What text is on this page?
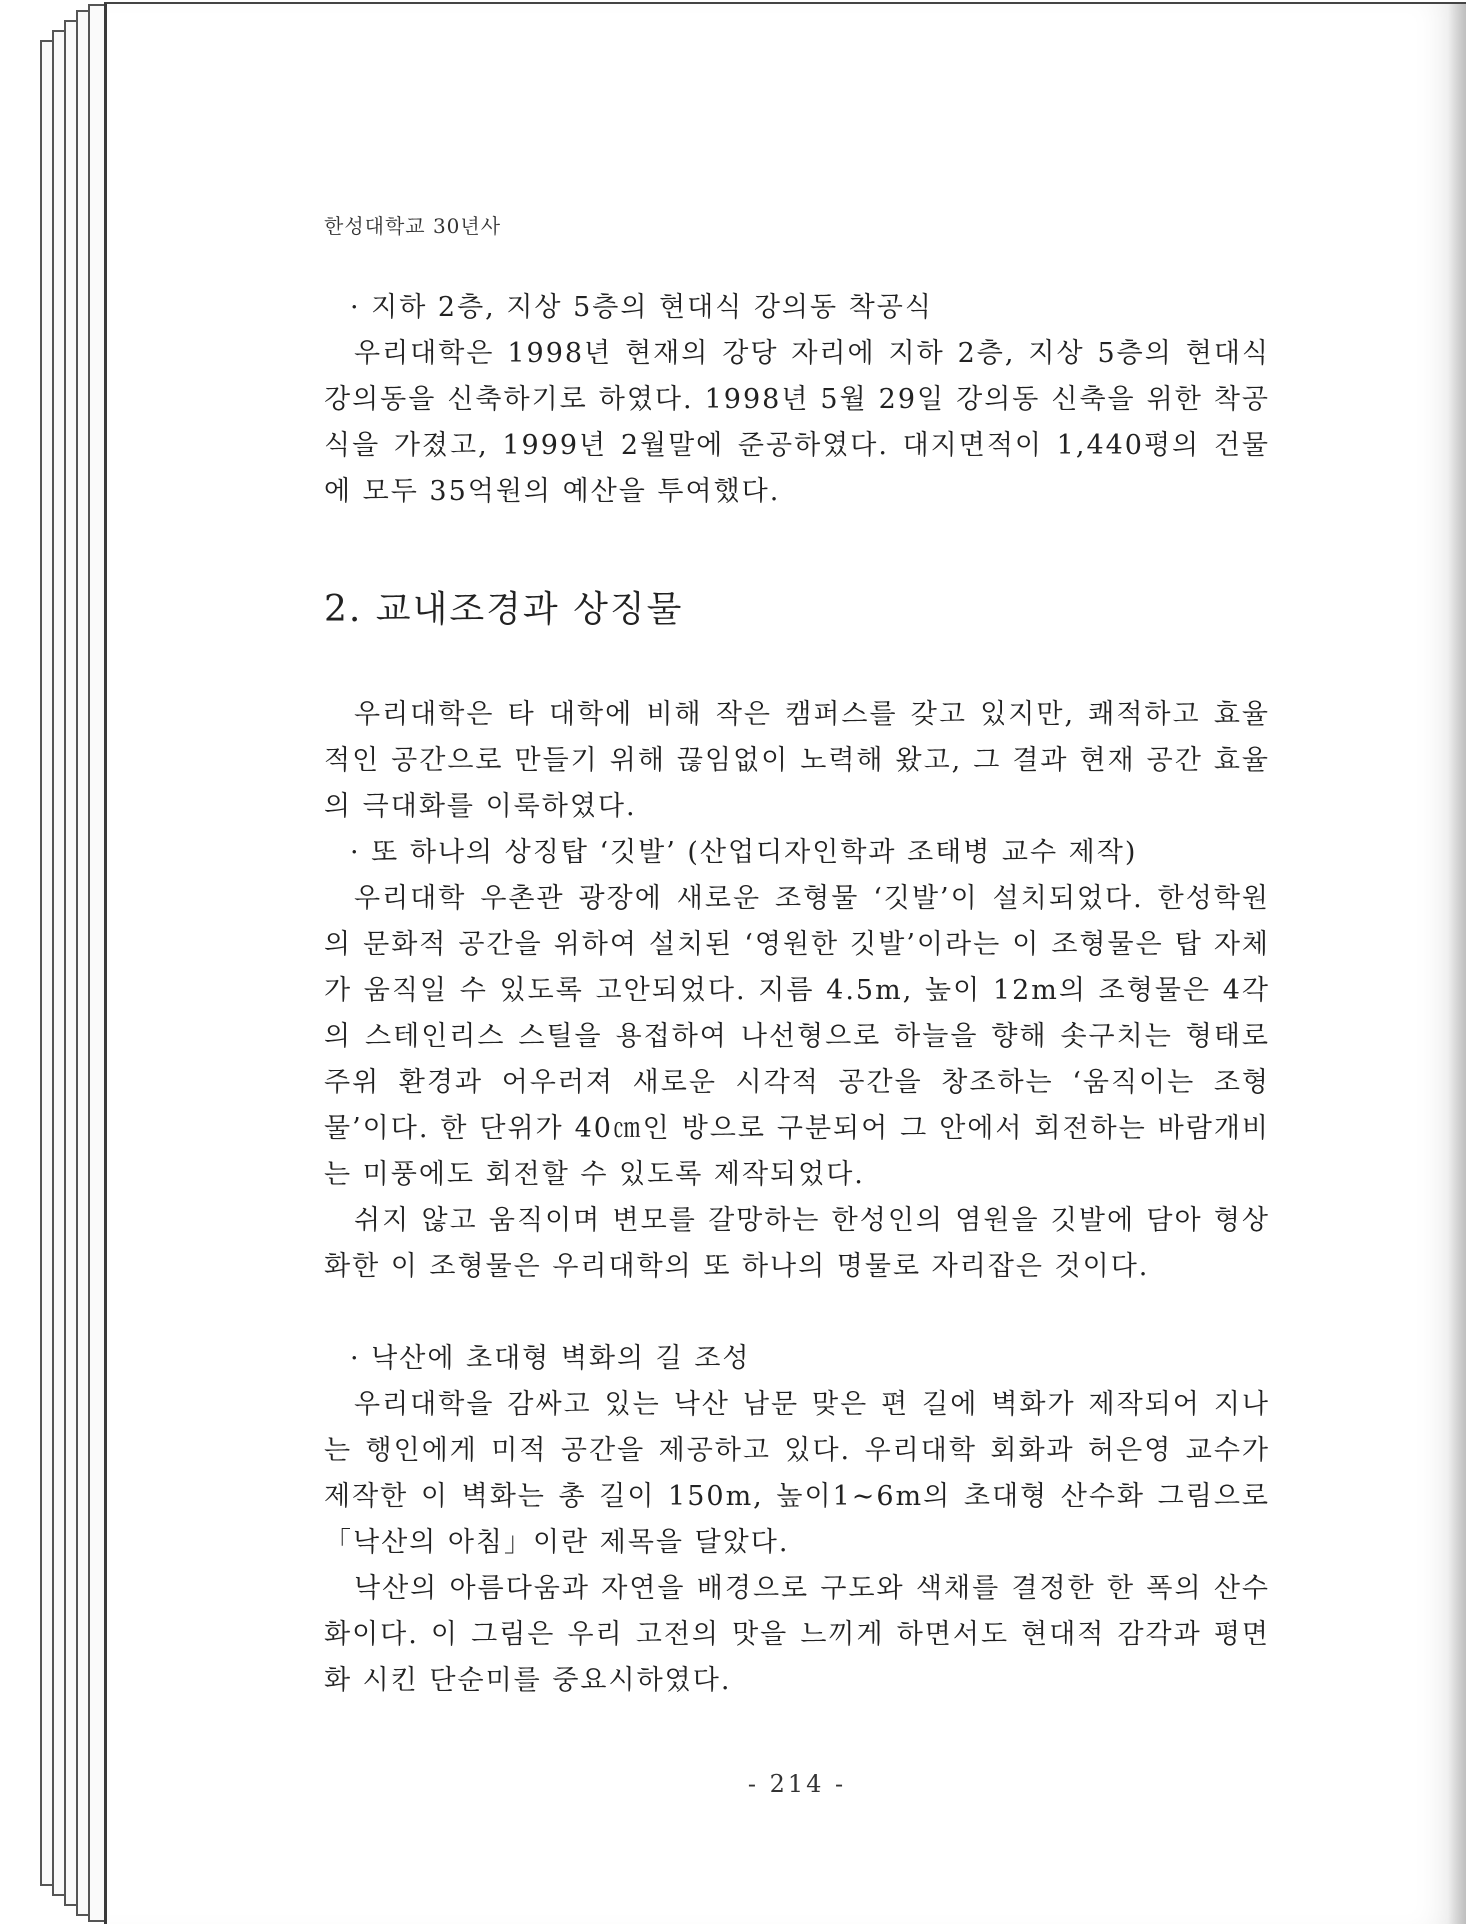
한성대학교 30년사

· 지하 2층, 지상 5층의 현대식 강의동 착공식

우리대학은 1998년 현재의 강당 자리에 지하 2층, 지상 5층의 현대식 강의동을 신축하기로 하였다. 1998년 5월 29일 강의동 신축을 위한 착공식을 가졌고, 1999년 2월말에 준공하였다. 대지면적이 1,440평의 건물에 모두 35억원의 예산을 투여했다.

2. 교내조경과 상징물

우리대학은 타 대학에 비해 작은 캠퍼스를 갖고 있지만, 쾌적하고 효율적인 공간으로 만들기 위해 끊임없이 노력해 왔고, 그 결과 현재 공간 효율의 극대화를 이룩하였다.

· 또 하나의 상징탑 ‘깃발’ (산업디자인학과 조태병 교수 제작)

우리대학 우촌관 광장에 새로운 조형물 ‘깃발’이 설치되었다. 한성학원의 문화적 공간을 위하여 설치된 ‘영원한 깃발’이라는 이 조형물은 탑 자체가 움직일 수 있도록 고안되었다. 지름 4.5m, 높이 12m의 조형물은 4각의 스테인리스 스틸을 용접하여 나선형으로 하늘을 향해 솟구치는 형태로 주위 환경과 어우러져 새로운 시각적 공간을 창조하는 ‘움직이는 조형물’이다. 한 단위가 40㎝인 방으로 구분되어 그 안에서 회전하는 바람개비는 미풍에도 회전할 수 있도록 제작되었다.

쉬지 않고 움직이며 변모를 갈망하는 한성인의 염원을 깃발에 담아 형상화한 이 조형물은 우리대학의 또 하나의 명물로 자리잡은 것이다.

· 낙산에 초대형 벽화의 길 조성

우리대학을 감싸고 있는 낙산 남문 맞은 편 길에 벽화가 제작되어 지나는 행인에게 미적 공간을 제공하고 있다. 우리대학 회화과 허은영 교수가 제작한 이 벽화는 총 길이 150m, 높이1∼6m의 초대형 산수화 그림으로 「낙산의 아침」이란 제목을 달았다.

낙산의 아름다움과 자연을 배경으로 구도와 색채를 결정한 한 폭의 산수화이다. 이 그림은 우리 고전의 맛을 느끼게 하면서도 현대적 감각과 평면화 시킨 단순미를 중요시하였다.

- 214 -
